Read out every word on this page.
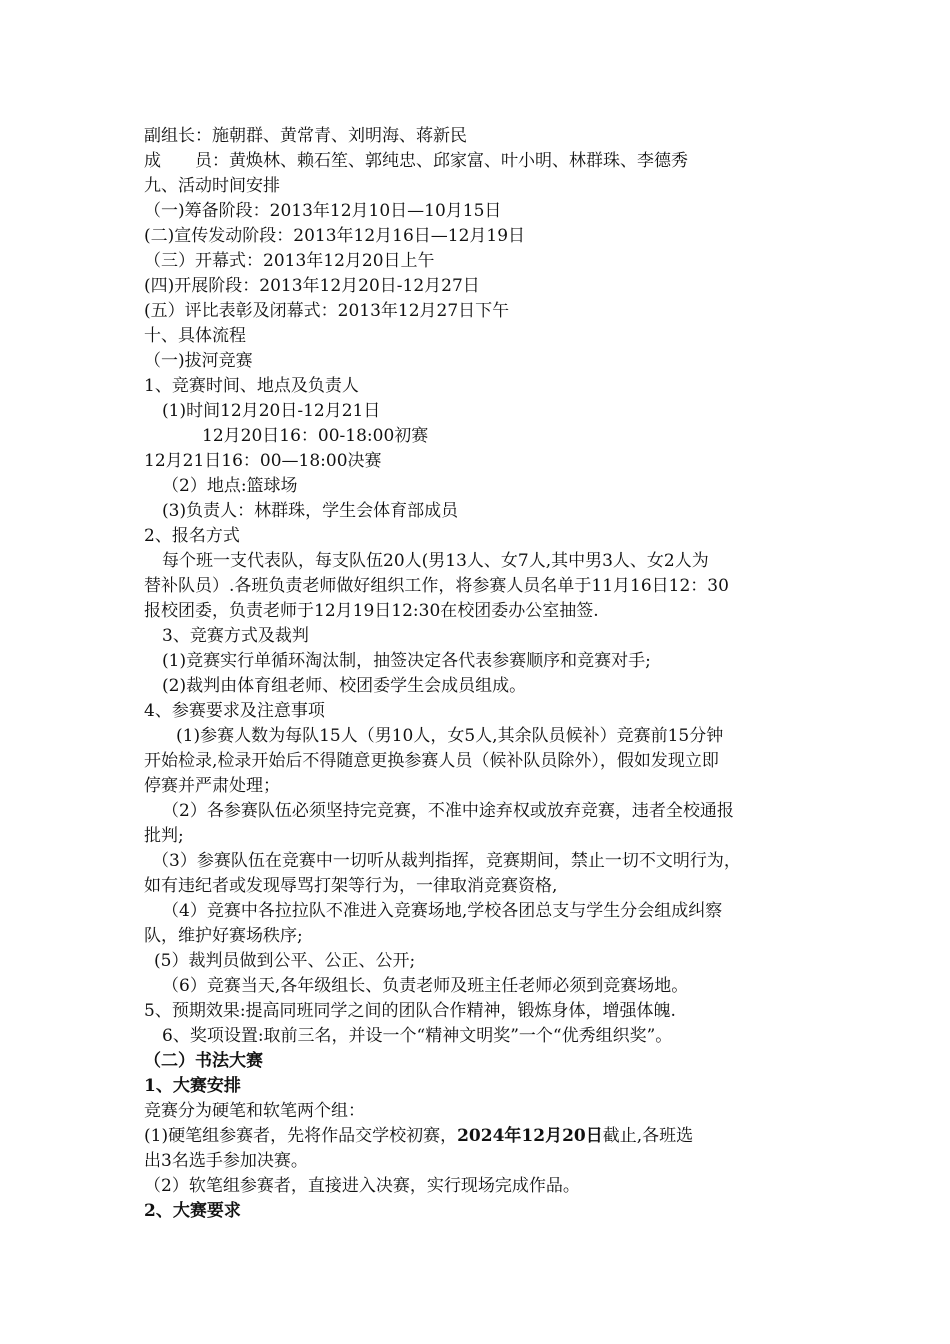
副组长：施朝群、黄常青、刘明海、蒋新民
成　　员：黄焕林、赖石笙、郭纯忠、邱家富、叶小明、林群珠、李德秀
九、活动时间安排
（一)筹备阶段：2013年12月10日—10月15日
(二)宣传发动阶段：2013年12月16日—12月19日
（三）开幕式：2013年12月20日上午
(四)开展阶段：2013年12月20日-12月27日
(五）评比表彰及闭幕式：2013年12月27日下午
十、具体流程
（一)拔河竞赛
1、竞赛时间、地点及负责人
(1)时间12月20日-12月21日
12月20日16：00-18:00初赛
12月21日16：00—18:00决赛
（2）地点:篮球场
(3)负责人：林群珠，学生会体育部成员
2、报名方式
每个班一支代表队，每支队伍20人(男13人、女7人,其中男3人、女2人为
替补队员）.各班负责老师做好组织工作，将参赛人员名单于11月16日12：30
报校团委，负责老师于12月19日12:30在校团委办公室抽签.
3、竞赛方式及裁判
(1)竞赛实行单循环淘汰制，抽签决定各代表参赛顺序和竞赛对手;
(2)裁判由体育组老师、校团委学生会成员组成。
4、参赛要求及注意事项
(1)参赛人数为每队15人（男10人，女5人,其余队员候补）竞赛前15分钟
开始检录,检录开始后不得随意更换参赛人员（候补队员除外），假如发现立即
停赛并严肃处理；
（2）各参赛队伍必须坚持完竞赛，不准中途弃权或放弃竞赛，违者全校通报
批判;
（3）参赛队伍在竞赛中一切听从裁判指挥，竞赛期间，禁止一切不文明行为，
如有违纪者或发现辱骂打架等行为，一律取消竞赛资格,
（4）竞赛中各拉拉队不准进入竞赛场地,学校各团总支与学生分会组成纠察
队，维护好赛场秩序;
(5）裁判员做到公平、公正、公开;
（6）竞赛当天,各年级组长、负责老师及班主任老师必须到竞赛场地。
5、预期效果:提高同班同学之间的团队合作精神，锻炼身体，增强体魄.
6、奖项设置:取前三名，并设一个“精神文明奖”一个“优秀组织奖”。
（二）书法大赛
1、大赛安排
竞赛分为硬笔和软笔两个组：
(1)硬笔组参赛者，先将作品交学校初赛，2024年12月20日截止,各班选
出3名选手参加决赛。
（2）软笔组参赛者，直接进入决赛，实行现场完成作品。
2、大赛要求
